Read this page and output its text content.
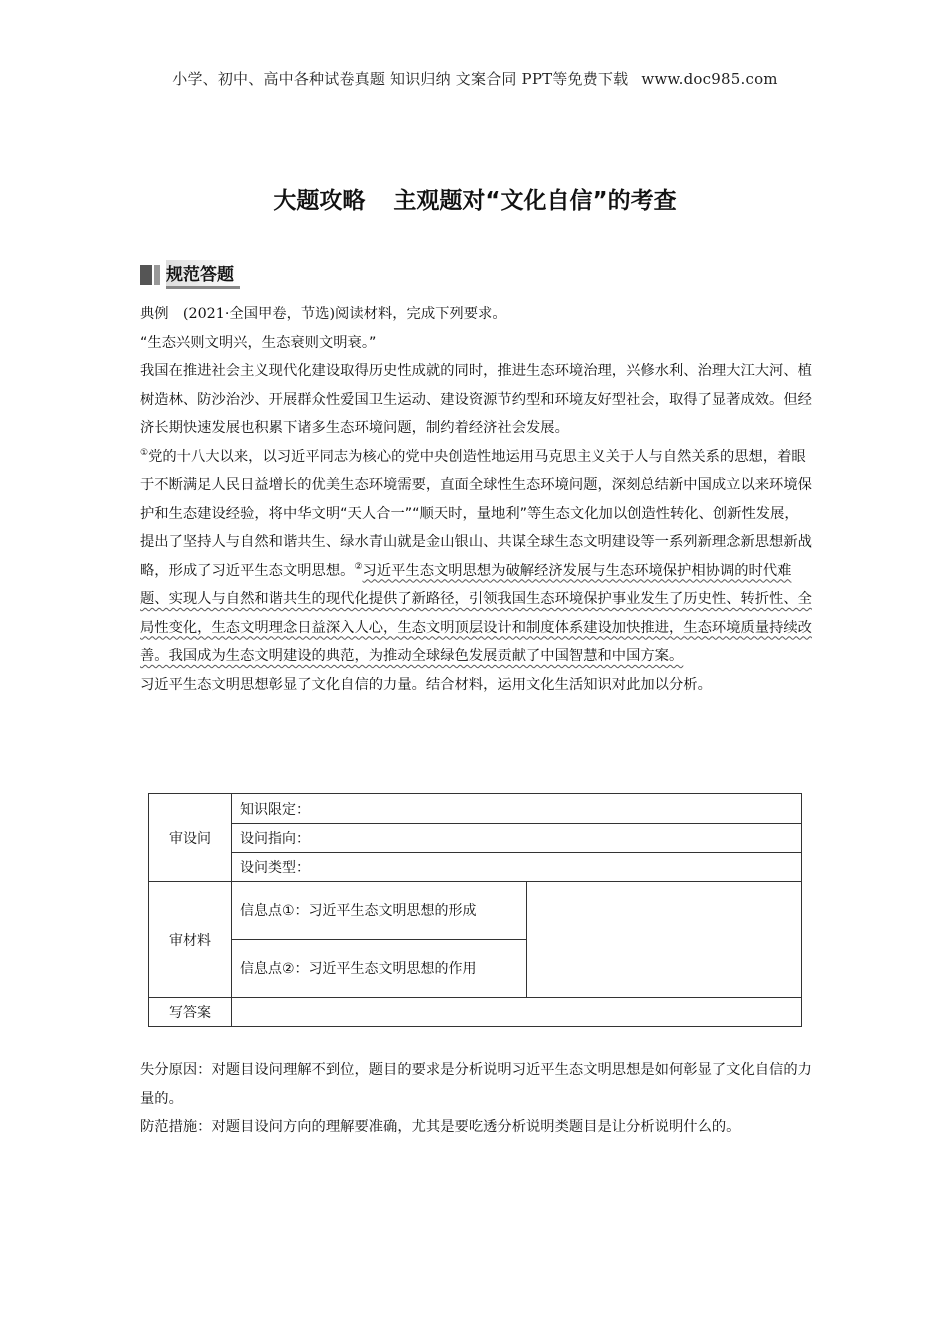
小学、初中、高中各种试卷真题 知识归纳 文案合同 PPT等免费下载 www.doc985.com
大题攻略 主观题对“文化自信”的考查
规范答题

典例　(2021·全国甲卷，节选)阅读材料，完成下列要求。

“生态兴则文明兴，生态衰则文明衰。”

我国在推进社会主义现代化建设取得历史性成就的同时，推进生态环境治理，兴修水利、治理大江大河、植树造林、防沙治沙、开展群众性爱国卫生运动、建设资源节约型和环境友好型社会，取得了显著成效。但经济长期快速发展也积累下诸多生态环境问题，制约着经济社会发展。

①党的十八大以来，以习近平同志为核心的党中央创造性地运用马克思主义关于人与自然关系的思想，着眼于不断满足人民日益增长的优美生态环境需要，直面全球性生态环境问题，深刻总结新中国成立以来环境保护和生态建设经验，将中华文明“天人合一”“顺天时，量地利”等生态文化加以创造性转化、创新性发展，提出了坚持人与自然和谐共生、绿水青山就是金山银山、共谋全球生态文明建设等一系列新理念新思想新战略，形成了习近平生态文明思想。②习近平生态文明思想为破解经济发展与生态环境保护相协调的时代难题、实现人与自然和谐共生的现代化提供了新路径，引领我国生态环境保护事业发生了历史性、转折性、全局性变化，生态文明理念日益深入人心，生态文明顶层设计和制度体系建设加快推进，生态环境质量持续改善。我国成为生态文明建设的典范，为推动全球绿色发展贡献了中国智慧和中国方案。

习近平生态文明思想彰显了文化自信的力量。结合材料，运用文化生活知识对此加以分析。

审设问	知识限定：	
	设问指向：	
	设问类型：	
审材料	信息点①：习近平生态文明思想的形成	
	信息点②：习近平生态文明思想的作用	
写答案		

失分原因：对题目设问理解不到位，题目的要求是分析说明习近平生态文明思想是如何彰显了文化自信的力量的。

防范措施：对题目设问方向的理解要准确，尤其是要吃透分析说明类题目是让分析说明什么的。
